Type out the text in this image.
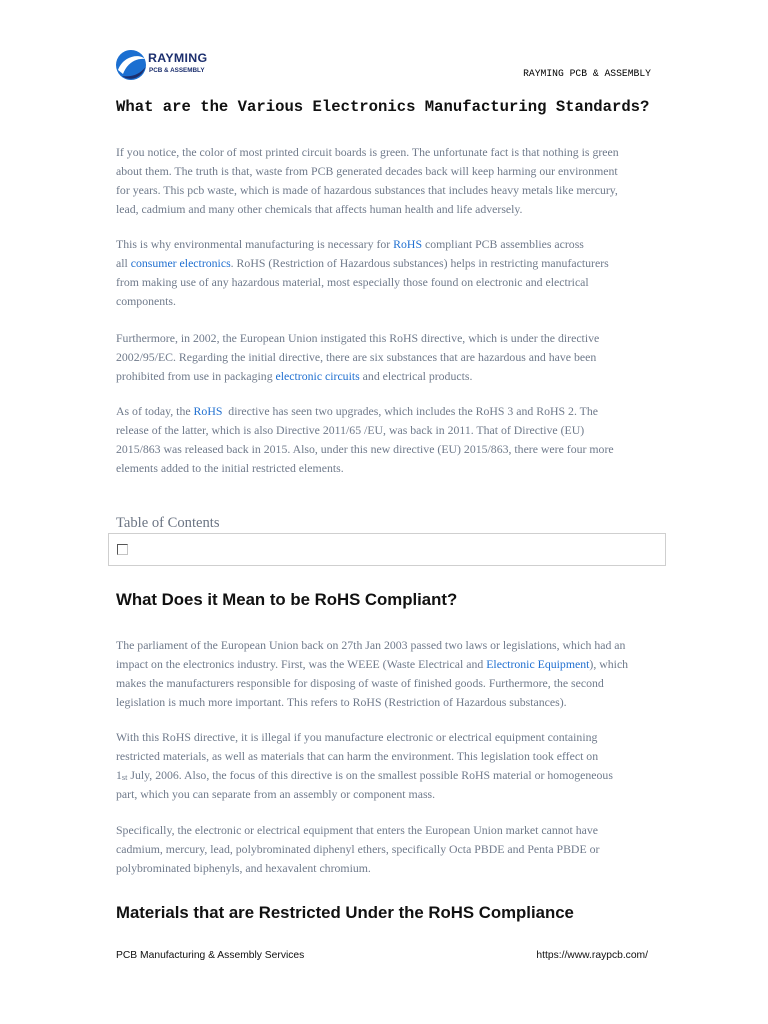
RAYMING
PCB & ASSEMBLY	RAYMING PCB & ASSEMBLY
What are the Various Electronics Manufacturing Standards?
If you notice, the color of most printed circuit boards is green. The unfortunate fact is that nothing is green
about them. The truth is that, waste from PCB generated decades back will keep harming our environment
for years. This pcb waste, which is made of hazardous substances that includes heavy metals like mercury,
lead, cadmium and many other chemicals that affects human health and life adversely.
This is why environmental manufacturing is necessary for RoHS compliant PCB assemblies across
all consumer electronics. RoHS (Restriction of Hazardous substances) helps in restricting manufacturers
from making use of any hazardous material, most especially those found on electronic and electrical
components.
Furthermore, in 2002, the European Union instigated this RoHS directive, which is under the directive
2002/95/EC. Regarding the initial directive, there are six substances that are hazardous and have been
prohibited from use in packaging electronic circuits and electrical products.
As of today, the RoHS  directive has seen two upgrades, which includes the RoHS 3 and RoHS 2. The
release of the latter, which is also Directive 2011/65 /EU, was back in 2011. That of Directive (EU)
2015/863 was released back in 2015. Also, under this new directive (EU) 2015/863, there were four more
elements added to the initial restricted elements.
Table of Contents
What Does it Mean to be RoHS Compliant?
The parliament of the European Union back on 27th Jan 2003 passed two laws or legislations, which had an
impact on the electronics industry. First, was the WEEE (Waste Electrical and Electronic Equipment), which
makes the manufacturers responsible for disposing of waste of finished goods. Furthermore, the second
legislation is much more important. This refers to RoHS (Restriction of Hazardous substances).
With this RoHS directive, it is illegal if you manufacture electronic or electrical equipment containing
restricted materials, as well as materials that can harm the environment. This legislation took effect on
1st July, 2006. Also, the focus of this directive is on the smallest possible RoHS material or homogeneous
part, which you can separate from an assembly or component mass.
Specifically, the electronic or electrical equipment that enters the European Union market cannot have
cadmium, mercury, lead, polybrominated diphenyl ethers, specifically Octa PBDE and Penta PBDE or
polybrominated biphenyls, and hexavalent chromium.
Materials that are Restricted Under the RoHS Compliance
PCB Manufacturing & Assembly Services	https://www.raypcb.com/
